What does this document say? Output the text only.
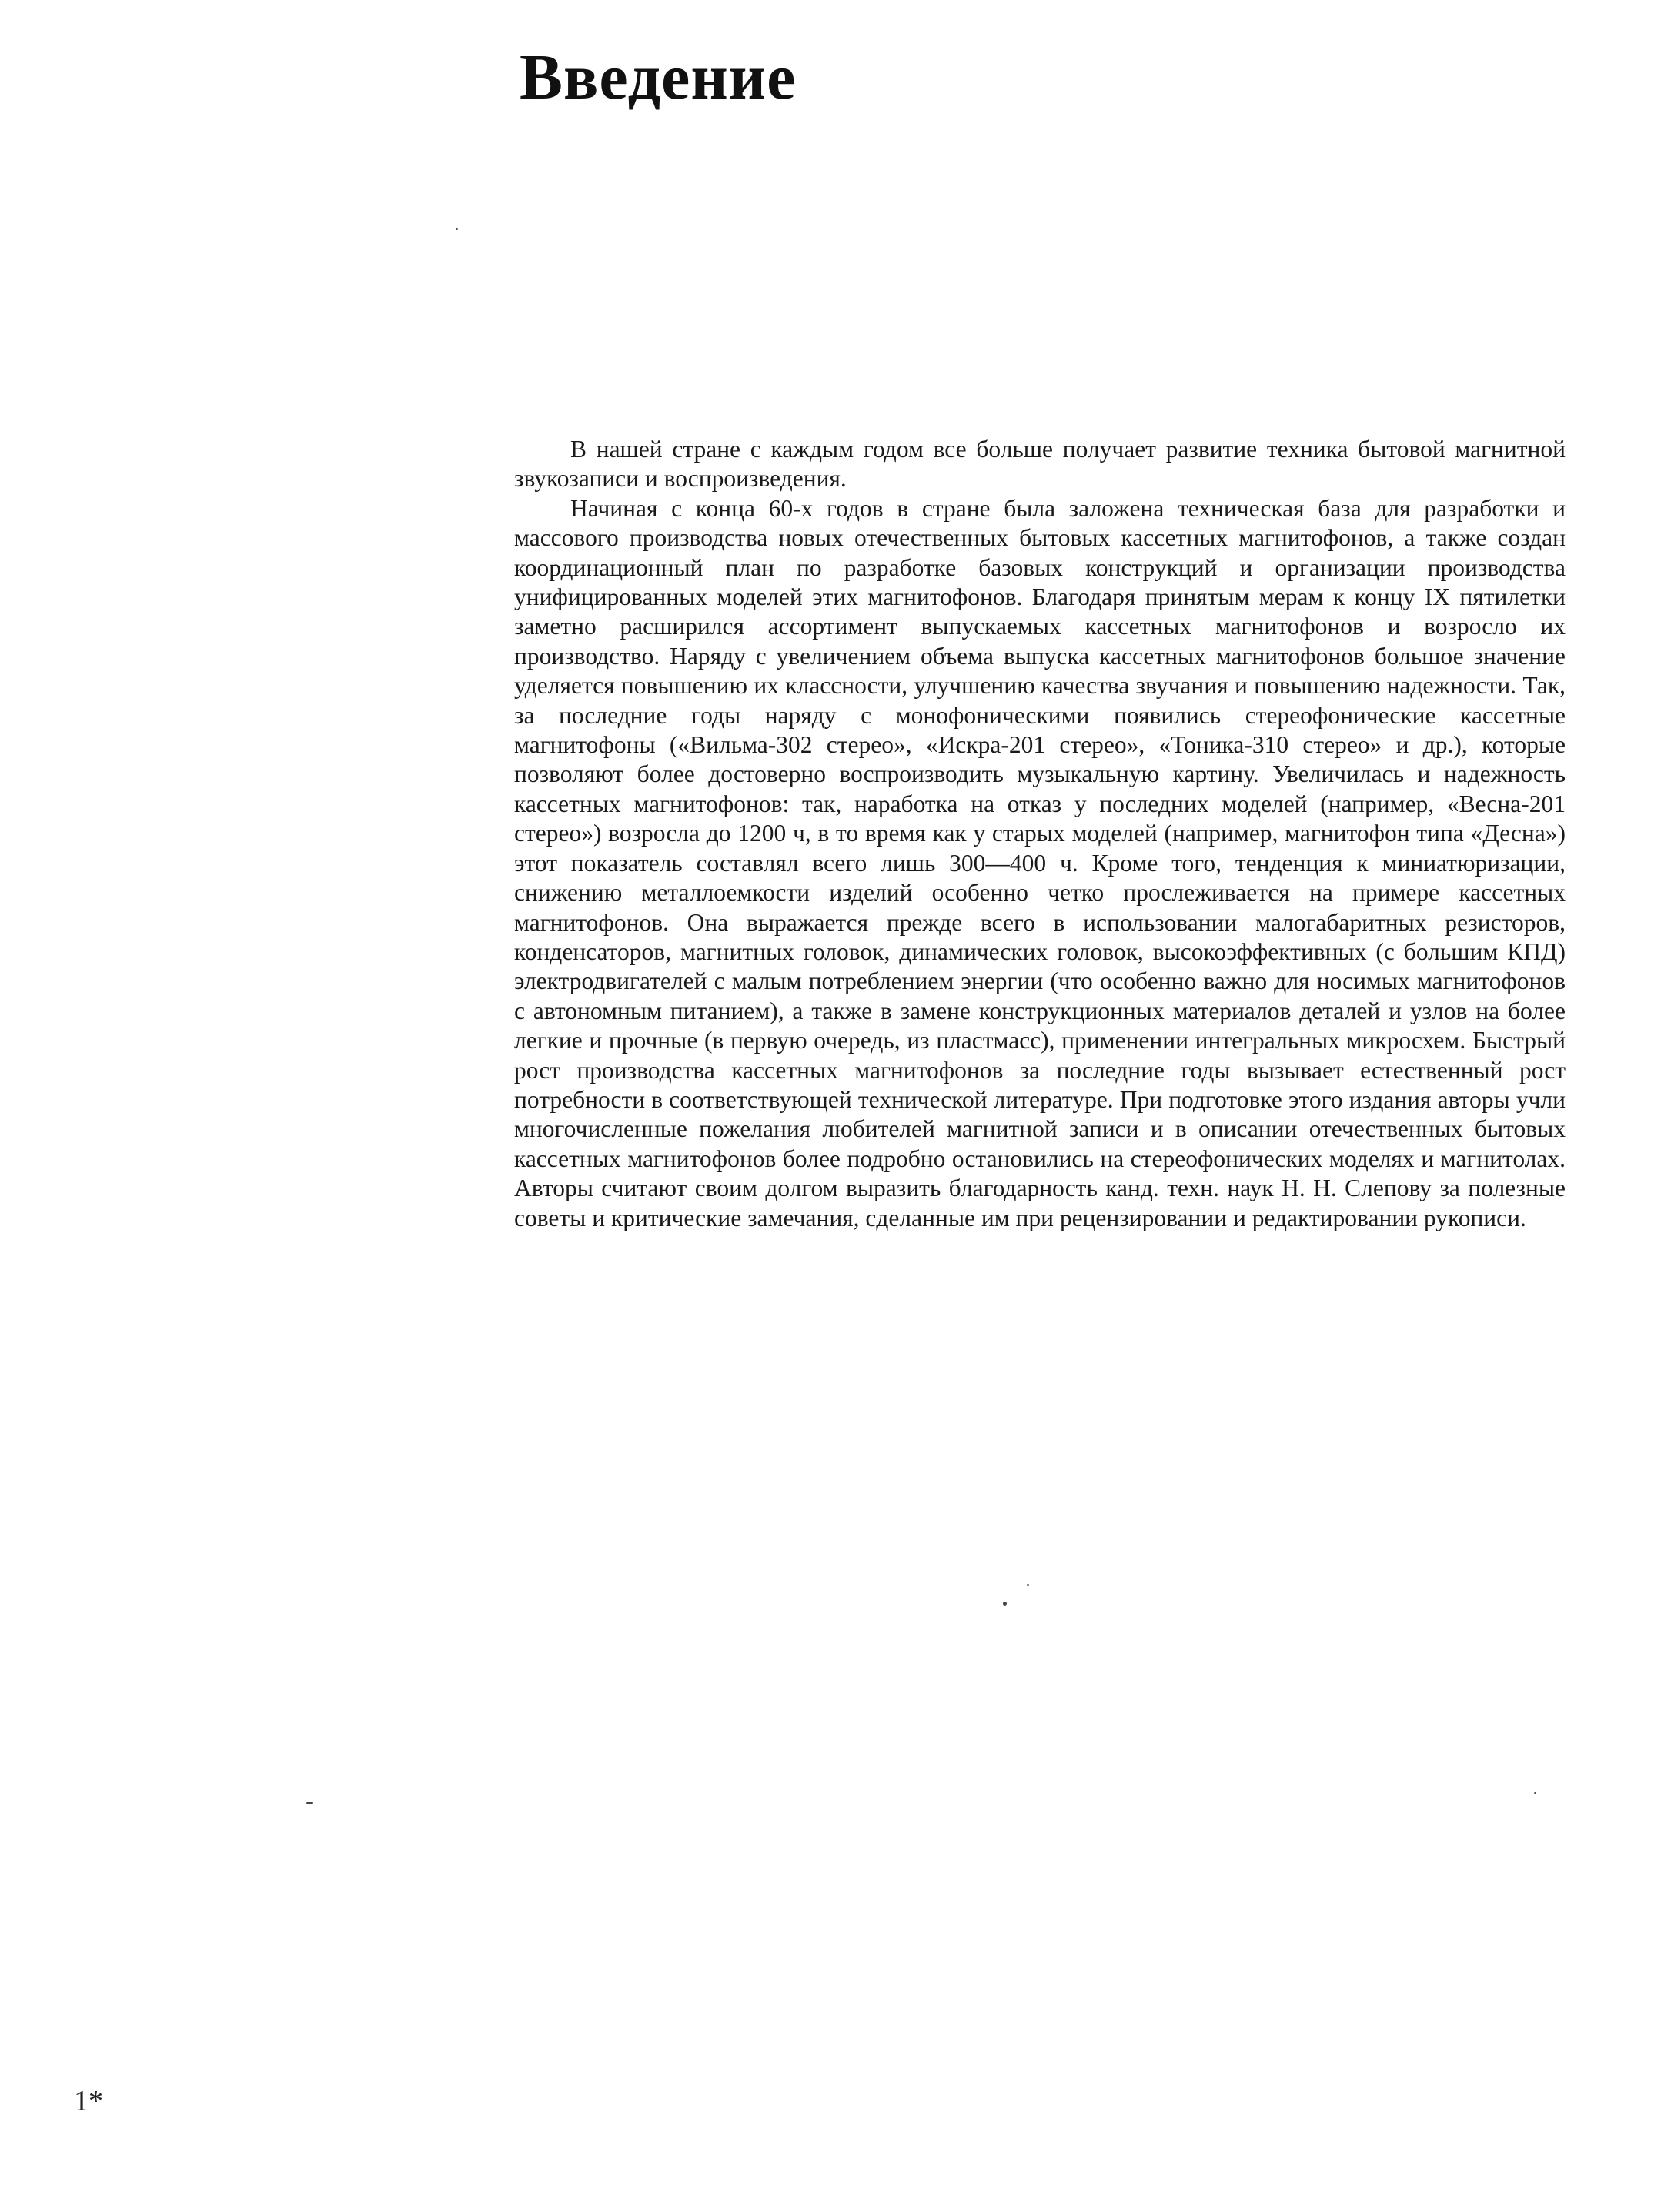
Введение

В нашей стране с каждым годом все больше получает развитие техника бытовой магнитной звукозаписи и воспроизведения.

Начиная с конца 60-х годов в стране была заложена техническая база для разработки и массового производства новых отечественных бытовых кассетных магнитофонов, а также создан координационный план по разработке базовых конструкций и организации производства унифицированных моделей этих магнитофонов. Благодаря принятым мерам к концу IX пятилетки заметно расширился ассортимент выпускаемых кассетных магнитофонов и возросло их производство. Наряду с увеличением объема выпуска кассетных магнитофонов большое значение уделяется повышению их классности, улучшению качества звучания и повышению надежности. Так, за последние годы наряду с монофоническими появились стереофонические кассетные магнитофоны («Вильма-302 стерео», «Искра-201 стерео», «Тоника-310 стерео» и др.), которые позволяют более достоверно воспроизводить музыкальную картину. Увеличилась и надежность кассетных магнитофонов: так, наработка на отказ у последних моделей (например, «Весна-201 стерео») возросла до 1200 ч, в то время как у старых моделей (например, магнитофон типа «Десна») этот показатель составлял всего лишь 300—400 ч. Кроме того, тенденция к миниатюризации, снижению металлоемкости изделий особенно четко прослеживается на примере кассетных магнитофонов. Она выражается прежде всего в использовании малогабаритных резисторов, конденсаторов, магнитных головок, динамических головок, высокоэффективных (с большим КПД) электродвигателей с малым потреблением энергии (что особенно важно для носимых магнитофонов с автономным питанием), а также в замене конструкционных материалов деталей и узлов на более легкие и прочные (в первую очередь, из пластмасс), применении интегральных микросхем. Быстрый рост производства кассетных магнитофонов за последние годы вызывает естественный рост потребности в соответствующей технической литературе. При подготовке этого издания авторы учли многочисленные пожелания любителей магнитной записи и в описании отечественных бытовых кассетных магнитофонов более подробно остановились на стереофонических моделях и магнитолах. Авторы считают своим долгом выразить благодарность канд. техн. наук Н. Н. Слепову за полезные советы и критические замечания, сделанные им при рецензировании и редактировании рукописи.

1*
